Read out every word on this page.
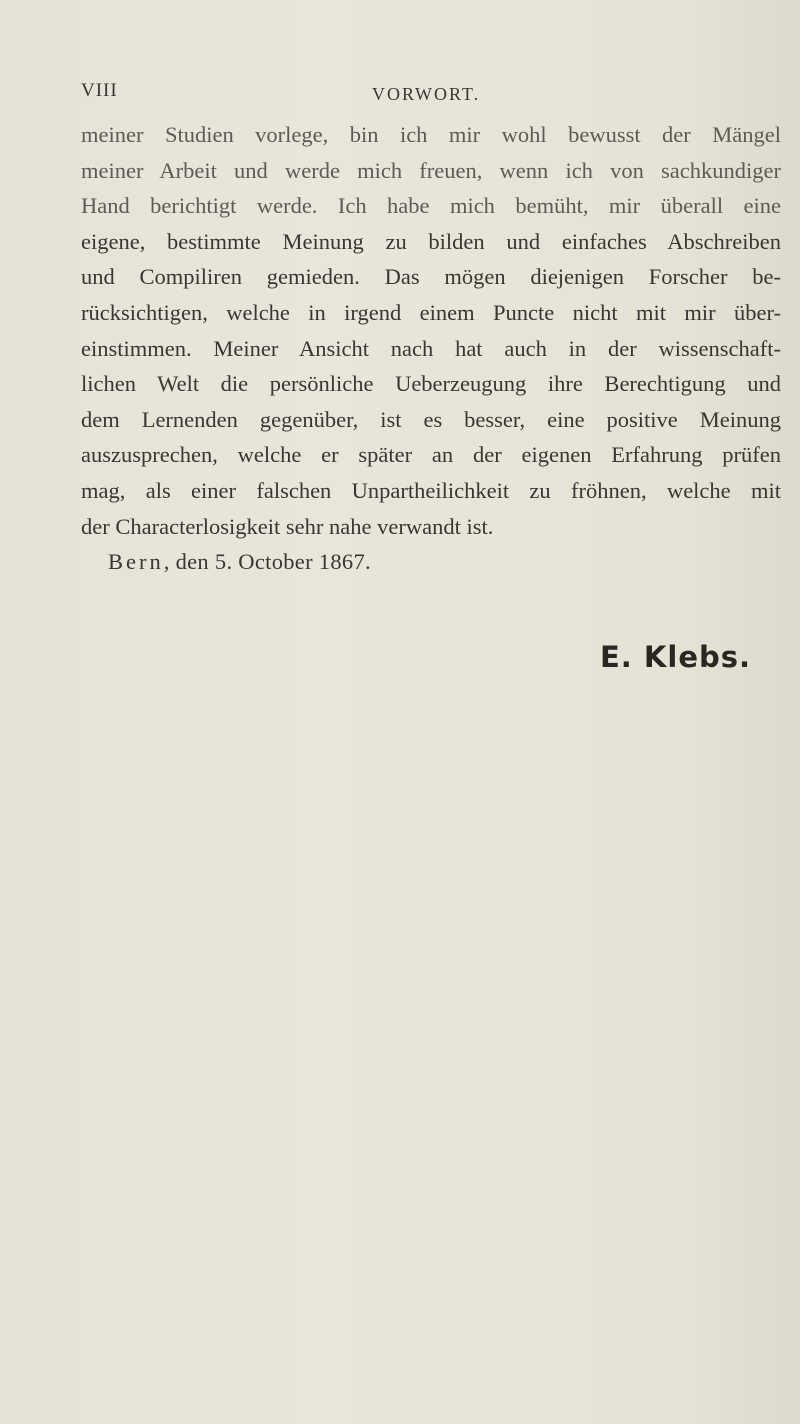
VIII	VORWORT.
meiner Studien vorlege, bin ich mir wohl bewusst der Mängel
meiner Arbeit und werde mich freuen, wenn ich von sachkundiger
Hand berichtigt werde. Ich habe mich bemüht, mir überall eine
eigene, bestimmte Meinung zu bilden und einfaches Abschreiben
und Compiliren gemieden. Das mögen diejenigen Forscher be-
rücksichtigen, welche in irgend einem Puncte nicht mit mir über-
einstimmen. Meiner Ansicht nach hat auch in der wissenschaft-
lichen Welt die persönliche Ueberzeugung ihre Berechtigung und
dem Lernenden gegenüber, ist es besser, eine positive Meinung
auszusprechen, welche er später an der eigenen Erfahrung prüfen
mag, als einer falschen Unpartheilichkeit zu fröhnen, welche mit
der Characterlosigkeit sehr nahe verwandt ist.
Bern, den 5. October 1867.
E. Klebs.
